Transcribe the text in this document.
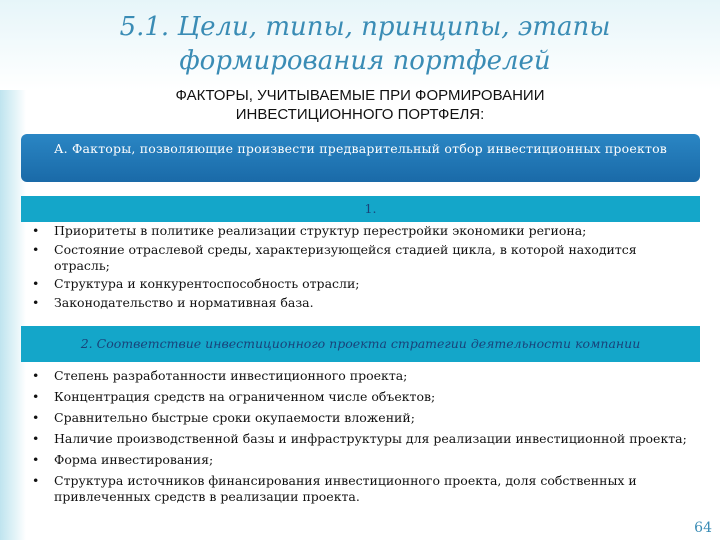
5.1. Цели, типы, принципы, этапы формирования портфелей
ФАКТОРЫ, УЧИТЫВАЕМЫЕ ПРИ ФОРМИРОВАНИИ ИНВЕСТИЦИОННОГО ПОРТФЕЛЯ:
А. Факторы, позволяющие произвести предварительный отбор инвестиционных проектов
1.
• Приоритеты в политике реализации структур перестройки экономики региона;
• Состояние отраслевой среды, характеризующейся стадией цикла, в которой находится отрасль;
• Структура и конкурентоспособность отрасли;
• Законодательство и нормативная база.
2. Соответствие инвестиционного проекта стратегии деятельности компании
• Степень разработанности инвестиционного проекта;
• Концентрация средств на ограниченном числе объектов;
• Сравнительно быстрые сроки окупаемости вложений;
• Наличие производственной базы и инфраструктуры для реализации инвестиционной проекта;
• Форма инвестирования;
• Структура источников финансирования инвестиционного проекта, доля собственных и привлеченных средств в реализации проекта.
64
